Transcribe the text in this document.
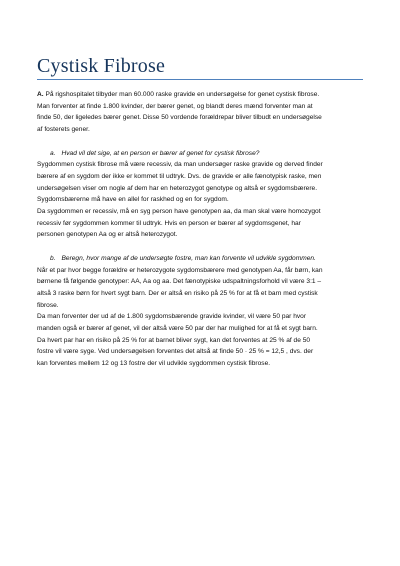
Cystisk Fibrose

A. På rigshospitalet tilbyder man 60.000 raske gravide en undersøgelse for genet cystisk fibrose.

Man forventer at finde 1.800 kvinder, der bærer genet, og blandt deres mænd forventer man at

finde 50, der ligeledes bærer genet. Disse 50 vordende forældrepar bliver tilbudt en undersøgelse

af fosterets gener.

a. Hvad vil det sige, at en person er bærer af genet for cystisk fibrose?

Sygdommen cystisk fibrose må være recessiv, da man undersøger raske gravide og derved finder

bærere af en sygdom der ikke er kommet til udtryk. Dvs. de gravide er alle fænotypisk raske, men

undersøgelsen viser om nogle af dem har en heterozygot genotype og altså er sygdomsbærere.

Sygdomsbærerne må have en allel for raskhed og en for sygdom.

Da sygdommen er recessiv, må en syg person have genotypen aa, da man skal være homozygot

recessiv før sygdommen kommer til udtryk. Hvis en person er bærer af sygdomsgenet, har

personen genotypen Aa og er altså heterozygot.

b. Beregn, hvor mange af de undersøgte fostre, man kan forvente vil udvikle sygdommen.

Når et par hvor begge forældre er heterozygote sygdomsbærere med genotypen Aa, får børn, kan

børnene få følgende genotyper: AA, Aa og aa. Det fænotypiske udspaltningsforhold vil være 3:1 –

altså 3 raske børn for hvert sygt barn. Der er altså en risiko på 25 % for at få et barn med cystisk

fibrose.

Da man forventer der ud af de 1.800 sygdomsbærende gravide kvinder, vil være 50 par hvor

manden også er bærer af genet, vil der altså være 50 par der har mulighed for at få et sygt barn.

Da hvert par har en risiko på 25 % for at barnet bliver sygt, kan det forventes at 25 % af de 50

fostre vil være syge. Ved undersøgelsen forventes det altså at finde 50 · 25 % = 12,5 , dvs. der

kan forventes mellem 12 og 13 fostre der vil udvikle sygdommen cystisk fibrose.
